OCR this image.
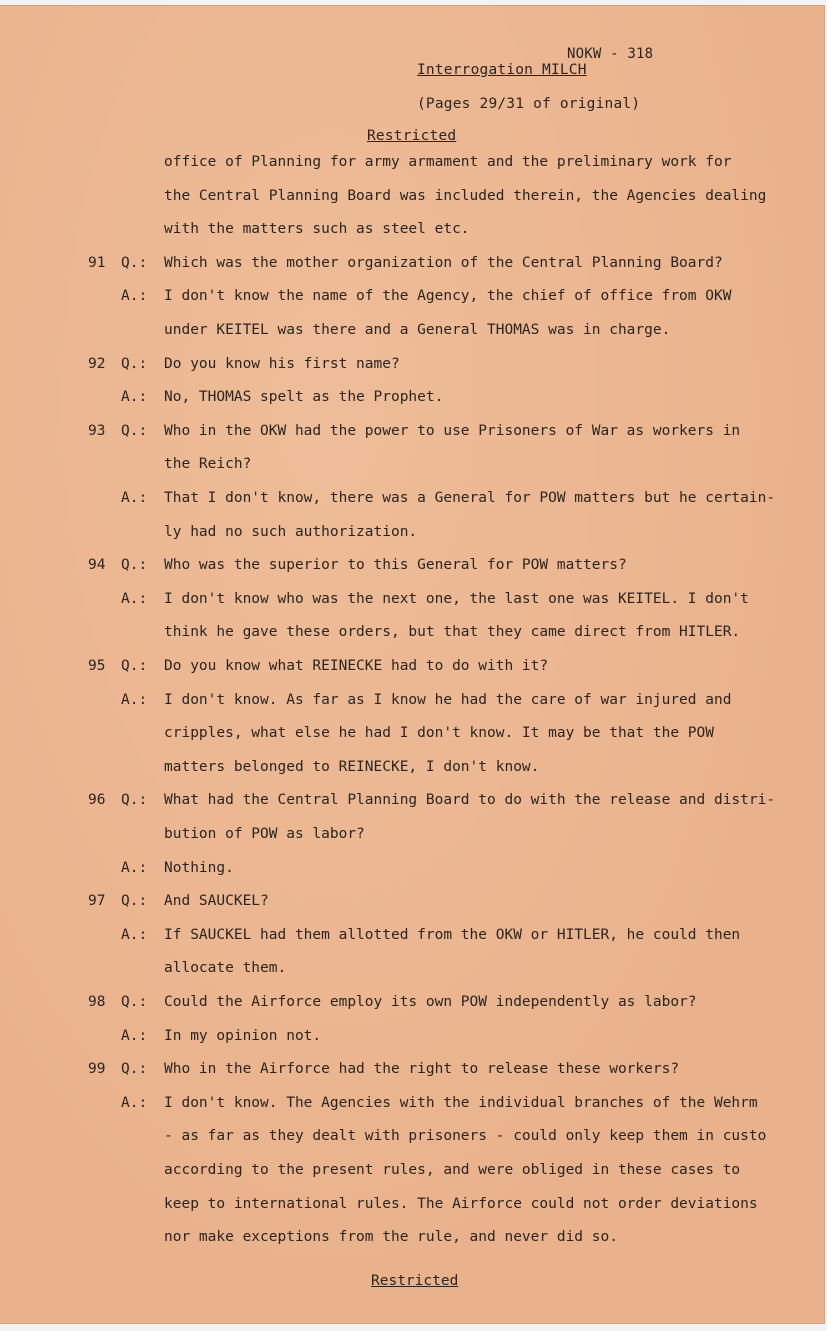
NOKW - 318
Interrogation MILCH
(Pages 29/31 of original)
Restricted
office of Planning for army armament and the preliminary work for
the Central Planning Board was included therein, the Agencies dealing
with the matters such as steel etc.
91 Q.: Which was the mother organization of the Central Planning Board?
A.: I don't know the name of the Agency, the chief of office from OKW
under KEITEL was there and a General THOMAS was in charge.
92 Q.: Do you know his first name?
A.: No, THOMAS spelt as the Prophet.
93 Q.: Who in the OKW had the power to use Prisoners of War as workers in
the Reich?
A.: That I don't know, there was a General for POW matters but he certain-
ly had no such authorization.
94 Q.: Who was the superior to this General for POW matters?
A.: I don't know who was the next one, the last one was KEITEL. I don't
think he gave these orders, but that they came direct from HITLER.
95 Q.: Do you know what REINECKE had to do with it?
A.: I don't know. As far as I know he had the care of war injured and
cripples, what else he had I don't know. It may be that the POW
matters belonged to REINECKE, I don't know.
96 Q.: What had the Central Planning Board to do with the release and distri-
bution of POW as labor?
A.: Nothing.
97 Q.: And SAUCKEL?
A.: If SAUCKEL had them allotted from the OKW or HITLER, he could then
allocate them.
98 Q.: Could the Airforce employ its own POW independently as labor?
A.: In my opinion not.
99 Q.: Who in the Airforce had the right to release these workers?
A.: I don't know. The Agencies with the individual branches of the Wehrm
- as far as they dealt with prisoners - could only keep them in custo
according to the present rules, and were obliged in these cases to
keep to international rules. The Airforce could not order deviations
nor make exceptions from the rule, and never did so.
Restricted
